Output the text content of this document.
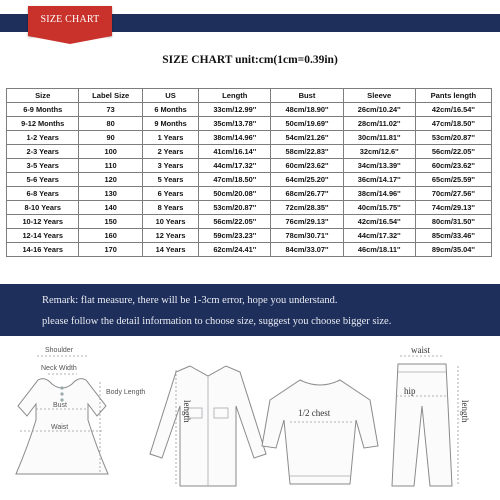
SIZE CHART
SIZE CHART unit:cm(1cm=0.39in)
Size	Label Size	US	Length	Bust	Sleeve	Pants length
6-9 Months	73	6 Months	33cm/12.99''	48cm/18.90''	26cm/10.24''	42cm/16.54''
9-12 Months	80	9 Months	35cm/13.78''	50cm/19.69''	28cm/11.02''	47cm/18.50''
1-2 Years	90	1 Years	38cm/14.96''	54cm/21.26''	30cm/11.81''	53cm/20.87''
2-3 Years	100	2 Years	41cm/16.14''	58cm/22.83''	32cm/12.6''	56cm/22.05''
3-5 Years	110	3 Years	44cm/17.32''	60cm/23.62''	34cm/13.39''	60cm/23.62''
5-6 Years	120	5 Years	47cm/18.50''	64cm/25.20''	36cm/14.17''	65cm/25.59''
6-8 Years	130	6 Years	50cm/20.08''	68cm/26.77''	38cm/14.96''	70cm/27.56''
8-10 Years	140	8 Years	53cm/20.87''	72cm/28.35''	40cm/15.75''	74cm/29.13''
10-12 Years	150	10 Years	56cm/22.05''	76cm/29.13''	42cm/16.54''	80cm/31.50''
12-14 Years	160	12 Years	59cm/23.23''	78cm/30.71''	44cm/17.32''	85cm/33.46''
14-16 Years	170	14 Years	62cm/24.41''	84cm/33.07''	46cm/18.11''	89cm/35.04''
Remark: flat measure, there will be 1-3cm error, hope you understand.
please follow the detail information to choose size, suggest you choose bigger size.
Shoulder
Neck Width
Bust
Waist
Body Length
length	1/2 chest
waist
hip
length
